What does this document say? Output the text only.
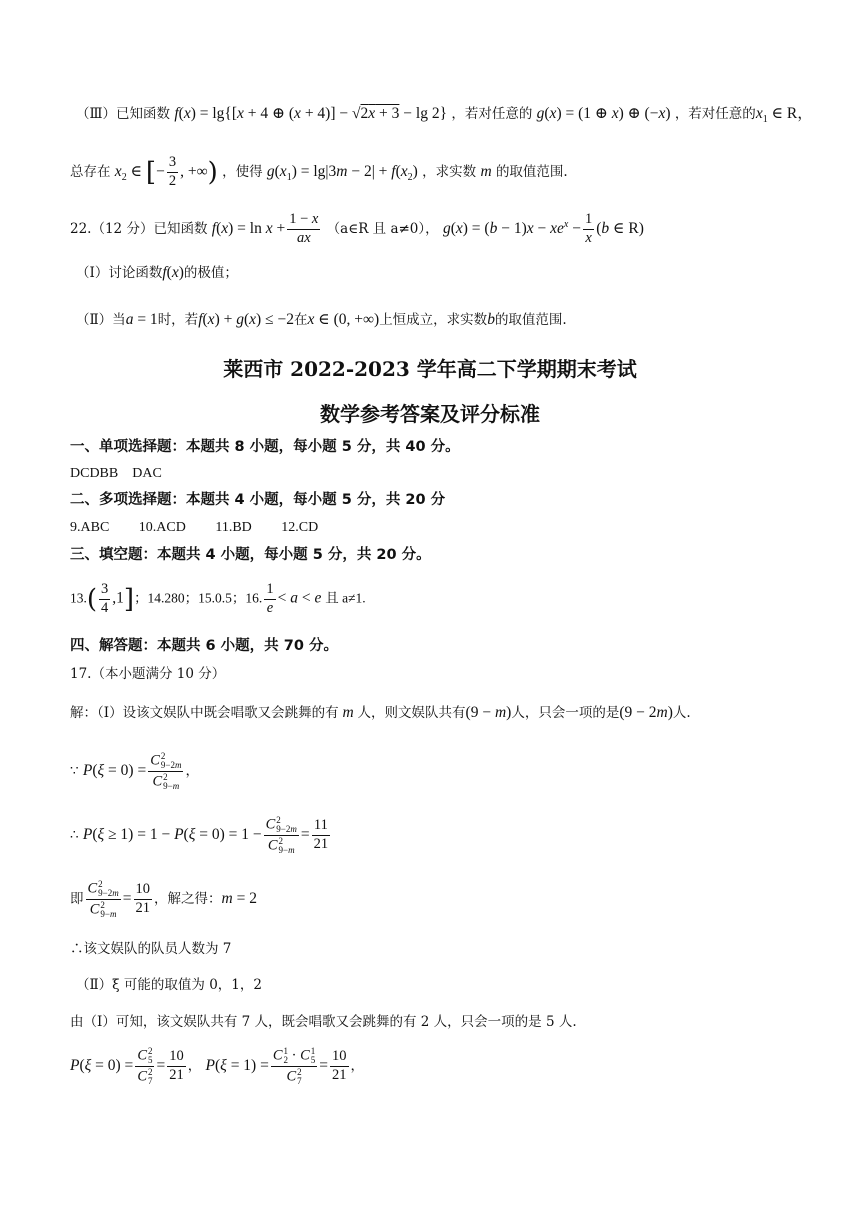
（Ⅲ）已知函数 f(x) = lg{[x + 4 ⊕ (x + 4)] − √2x + 3 − lg 2} ，若对任意的 g(x) = (1 ⊕ x) ⊕ (−x) ，若对任意的$x_1$ ∈ R，
总存在 $x_2$ ∈ [− $\frac{3}{2}$ , +∞) ，使得 $g(x_1) = \lg|3m - 2| + f(x_2)$ ，求实数 m 的取值范围.
22.（12 分）已知函数 $f(x) = \ln x + \frac{1 - x}{ax}$ （a∈R 且 a≠0）， $g(x) = (b - 1)x - xe^x - \frac{1}{x} (b$ ∈ R)
（Ⅰ）讨论函数f(x)的极值；
（Ⅱ）当a = 1时，若f(x) + g(x) ≤ −2在x ∈ (0, +∞)上恒成立，求实数b的取值范围.
莱西市 2022-2023 学年高二下学期期末考试
数学参考答案及评分标准
一、单项选择题：本题共 8 小题，每小题 5 分，共 40 分。
DCDBB    DAC
二、多项选择题：本题共 4 小题，每小题 5 分，共 20 分
9.ABC 10.ACD 11.BD 12.CD
三、填空题：本题共 4 小题，每小题 5 分，共 20 分。
$13.( \frac{3}{4} ,1]$；14.280；15.0.5；16. $\frac{1}{e} < a < e$ 且 a≠1.
四、解答题：本题共 6 小题，共 70 分。
17.（本小题满分 10 分）
解：（Ⅰ）设该文娱队中既会唱歌又会跳舞的有 m 人，则文娱队共有(9 − m)人，只会一项的是(9 − 2m)人.
∵ P(ξ = 0) = C 2
9−2m
C 2
9−m ，
∴ P(ξ ≥ 1) = 1 − P(ξ = 0) = 1 − C 2
9−2m
C 2
$9-m = \frac{11}{21}$
即 C 2
9−2m
C 2
$9-m = \frac{10}{21}$ ，解之得：m = 2
∴该文娱队的队员人数为 7
（Ⅱ）ξ 可能的取值为 0，1，2
由（Ⅰ）可知，该文娱队共有 7 人，既会唱歌又会跳舞的有 2 人，只会一项的是 5 人.
P(ξ = 0) = C 2
5
C 2
$7 = \frac{10}{21}$ ， P(ξ = 1) = C 1
2 · C 1
5
C 2
$7 = \frac{10}{21}$ ，
